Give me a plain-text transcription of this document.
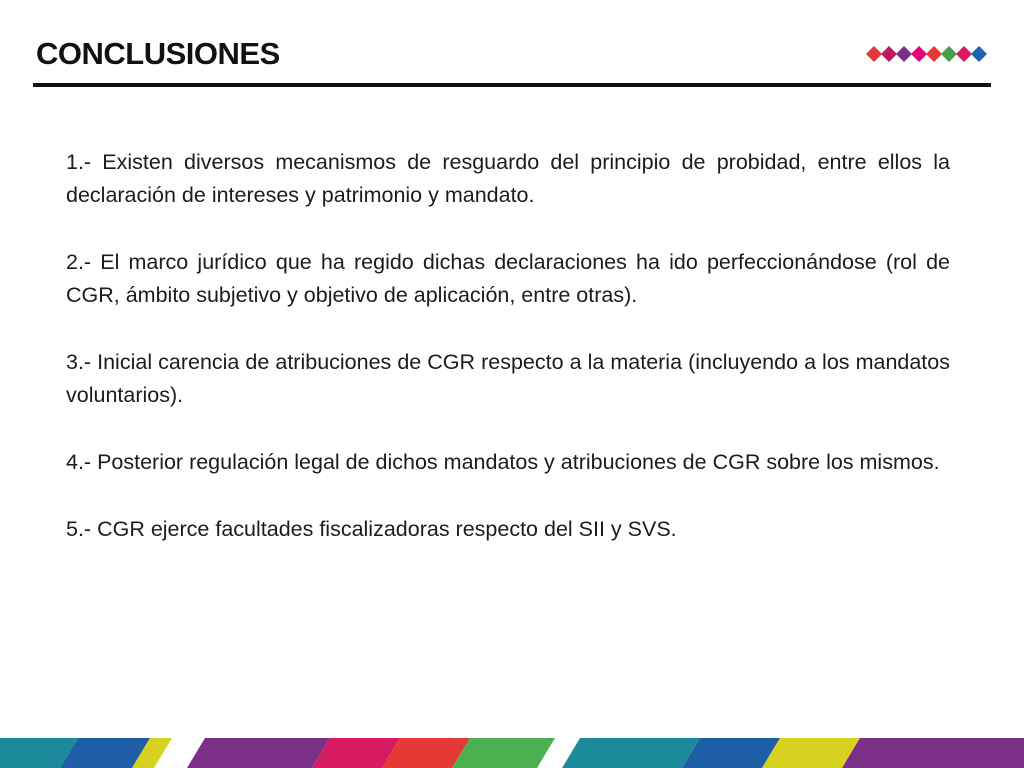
CONCLUSIONES

1.- Existen diversos mecanismos de resguardo del principio de probidad, entre ellos la declaración de intereses y patrimonio y mandato.

2.- El marco jurídico que ha regido dichas declaraciones ha ido perfeccionándose (rol de CGR, ámbito subjetivo y objetivo de aplicación, entre otras).

3.- Inicial carencia de atribuciones de CGR respecto a la materia (incluyendo a los mandatos voluntarios).

4.- Posterior regulación legal de dichos mandatos y atribuciones de CGR sobre los mismos.

5.- CGR ejerce facultades fiscalizadoras respecto del SII y SVS.
